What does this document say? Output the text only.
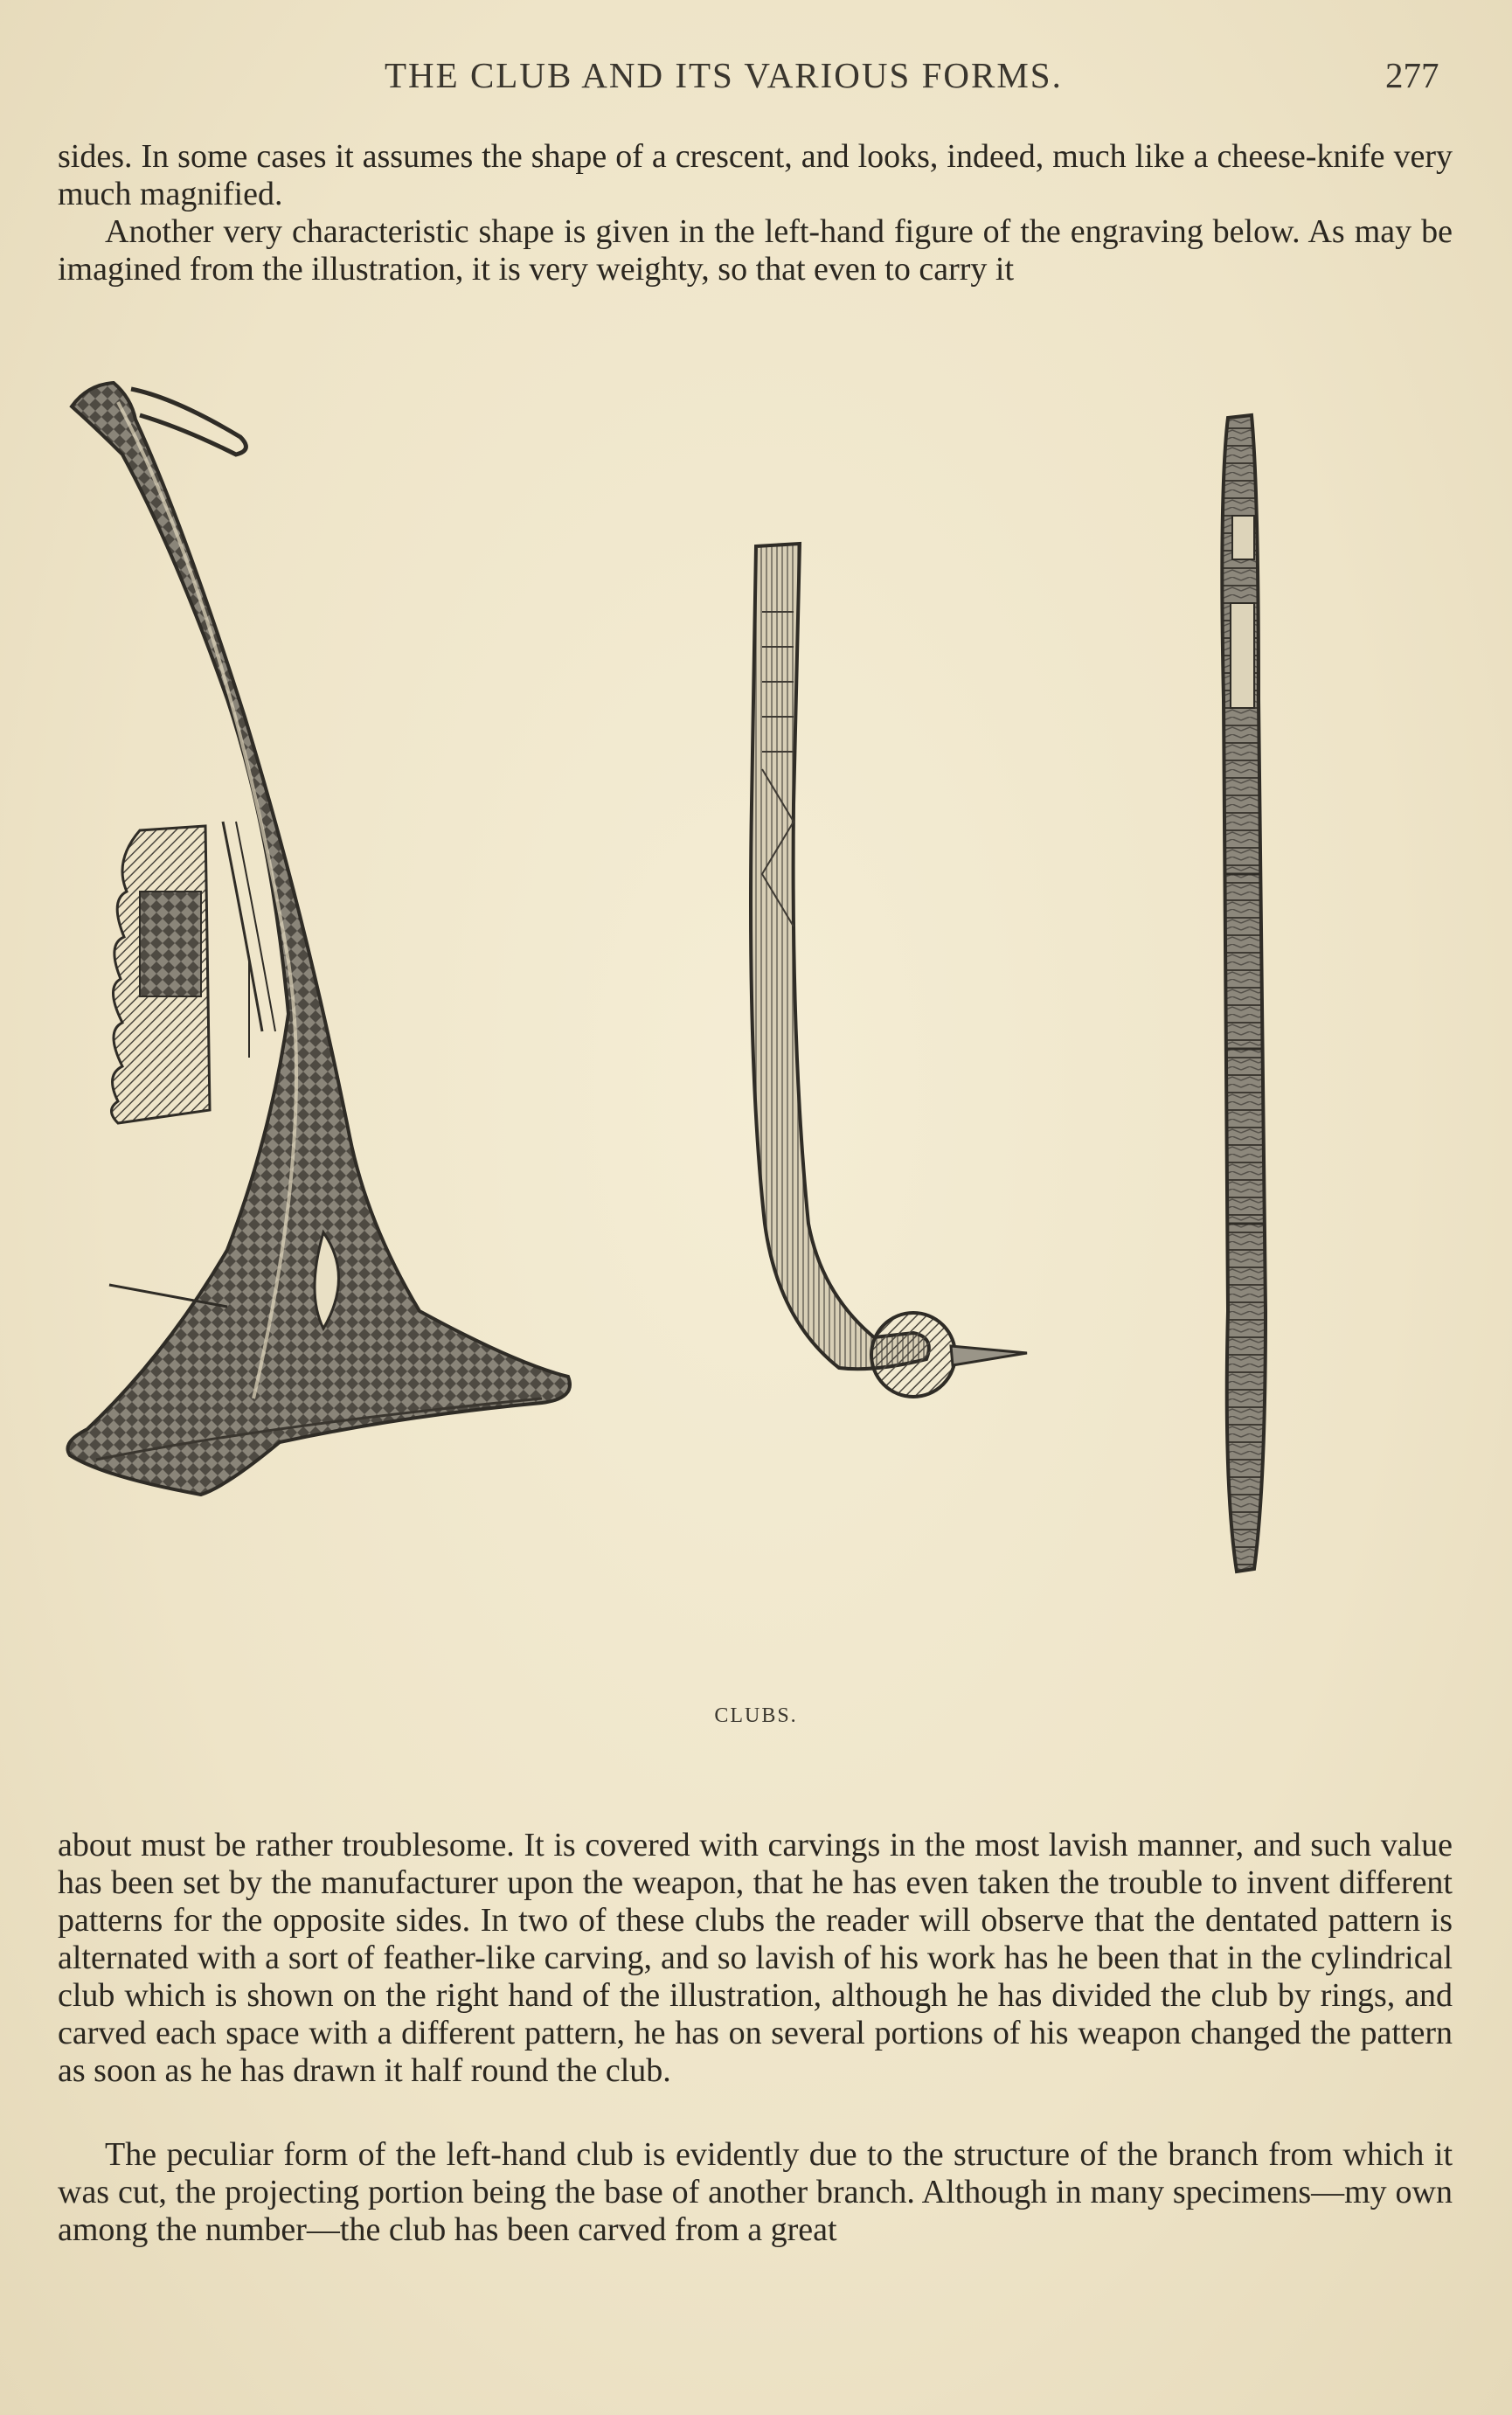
THE CLUB AND ITS VARIOUS FORMS.	277
sides. In some cases it assumes the shape of a crescent, and looks, indeed, much like a cheese-knife very much magnified.
Another very characteristic shape is given in the left-hand figure of the engraving below. As may be imagined from the illustration, it is very weighty, so that even to carry it
CLUBS.
about must be rather troublesome. It is covered with carvings in the most lavish manner, and such value has been set by the manufacturer upon the weapon, that he has even taken the trouble to invent different patterns for the opposite sides. In two of these clubs the reader will observe that the dentated pattern is alternated with a sort of feather-like carving, and so lavish of his work has he been that in the cylindrical club which is shown on the right hand of the illustration, although he has divided the club by rings, and carved each space with a different pattern, he has on several portions of his weapon changed the pattern as soon as he has drawn it half round the club.
The peculiar form of the left-hand club is evidently due to the structure of the branch from which it was cut, the projecting portion being the base of another branch. Although in many specimens—my own among the number—the club has been carved from a great
